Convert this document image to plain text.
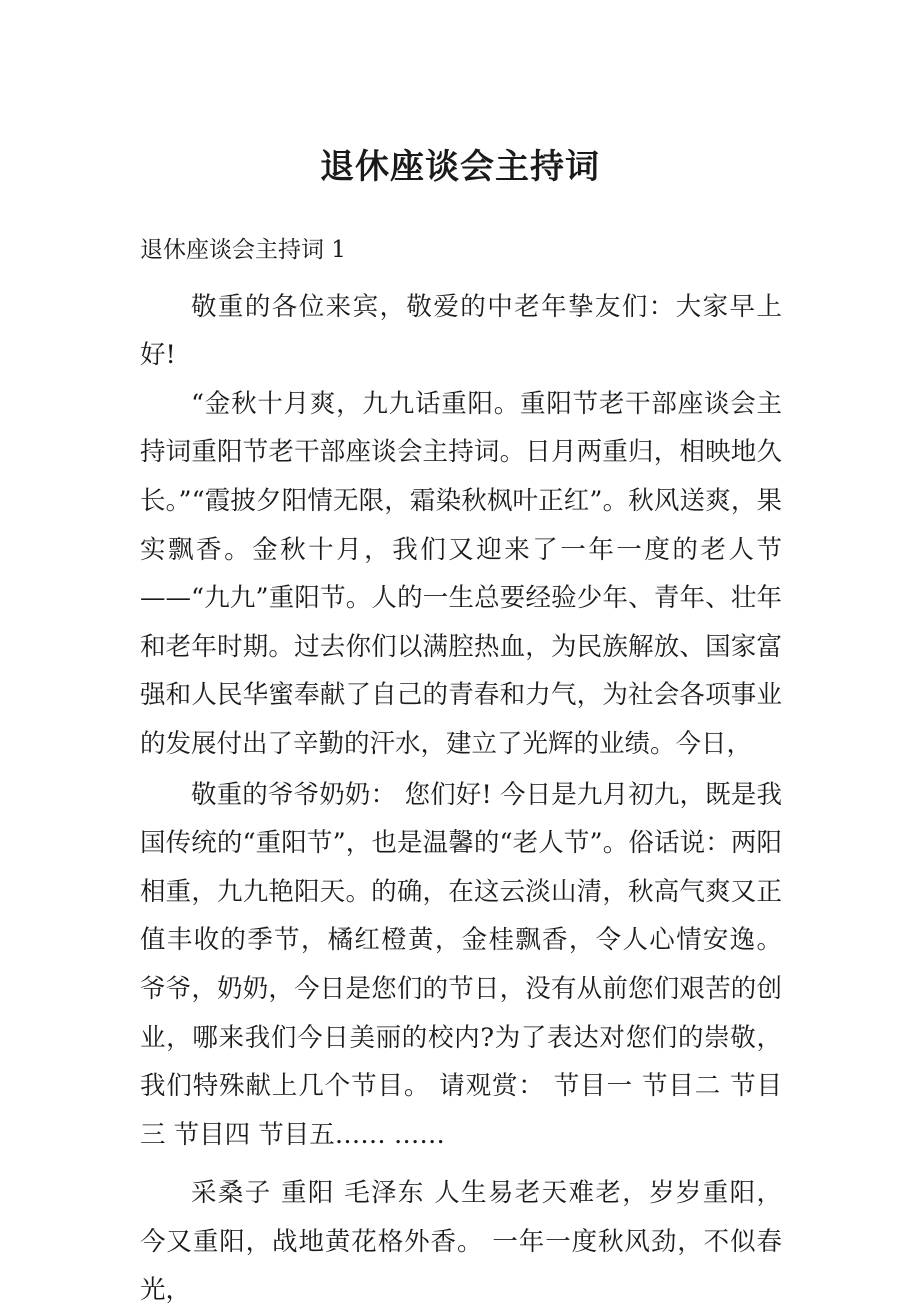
退休座谈会主持词

退休座谈会主持词 1

敬重的各位来宾，敬爱的中老年挚友们：大家早上好!

“金秋十月爽，九九话重阳。重阳节老干部座谈会主持词重阳节老干部座谈会主持词。日月两重归，相映地久长。”“霞披夕阳情无限，霜染秋枫叶正红”。秋风送爽，果实飘香。金秋十月，我们又迎来了一年一度的老人节——“九九”重阳节。人的一生总要经验少年、青年、壮年和老年时期。过去你们以满腔热血，为民族解放、国家富强和人民华蜜奉献了自己的青春和力气，为社会各项事业的发展付出了辛勤的汗水，建立了光辉的业绩。今日，

敬重的爷爷奶奶： 您们好! 今日是九月初九，既是我国传统的“重阳节”，也是温馨的“老人节”。俗话说：两阳相重，九九艳阳天。的确，在这云淡山清，秋高气爽又正值丰收的季节，橘红橙黄，金桂飘香，令人心情安逸。 爷爷，奶奶，今日是您们的节日，没有从前您们艰苦的创业，哪来我们今日美丽的校内?为了表达对您们的崇敬，我们特殊献上几个节目。 请观赏： 节目一 节目二 节目三 节目四 节目五…… ……

采桑子 重阳 毛泽东 人生易老天难老，岁岁重阳， 今又重阳，战地黄花格外香。 一年一度秋风劲，不似春光，
